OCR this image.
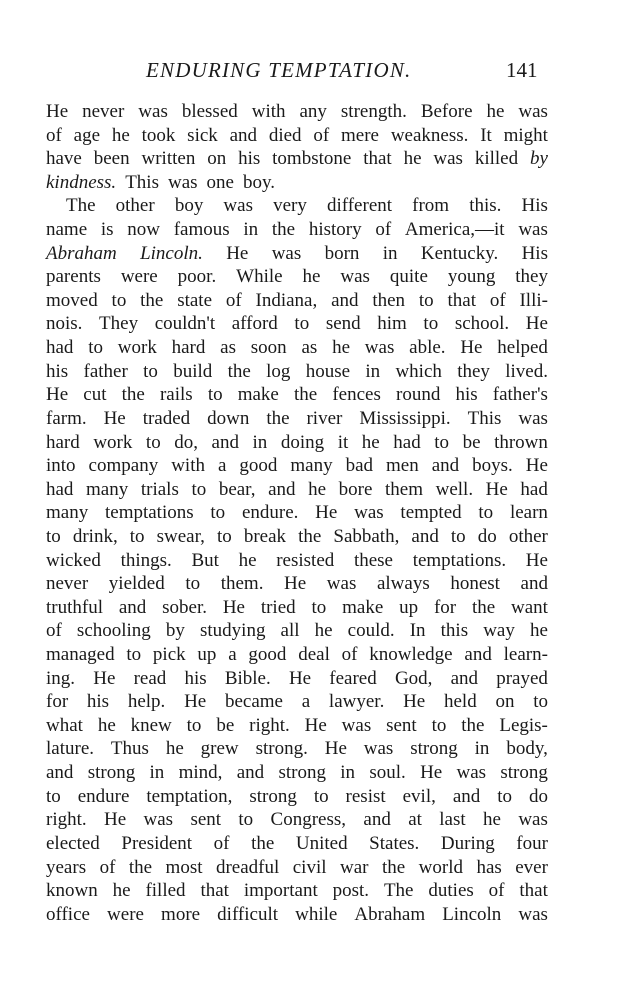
ENDURING TEMPTATION.	141
He never was blessed with any strength. Before he was
of age he took sick and died of mere weakness. It might
have been written on his tombstone that he was killed by
kindness. This was one boy.
The other boy was very different from this. His
name is now famous in the history of America,—it was
Abraham Lincoln. He was born in Kentucky. His
parents were poor. While he was quite young they
moved to the state of Indiana, and then to that of Illi-
nois. They couldn't afford to send him to school. He
had to work hard as soon as he was able. He helped
his father to build the log house in which they lived.
He cut the rails to make the fences round his father's
farm. He traded down the river Mississippi. This was
hard work to do, and in doing it he had to be thrown
into company with a good many bad men and boys. He
had many trials to bear, and he bore them well. He had
many temptations to endure. He was tempted to learn
to drink, to swear, to break the Sabbath, and to do other
wicked things. But he resisted these temptations. He
never yielded to them. He was always honest and
truthful and sober. He tried to make up for the want
of schooling by studying all he could. In this way he
managed to pick up a good deal of knowledge and learn-
ing. He read his Bible. He feared God, and prayed
for his help. He became a lawyer. He held on to
what he knew to be right. He was sent to the Legis-
lature. Thus he grew strong. He was strong in body,
and strong in mind, and strong in soul. He was strong
to endure temptation, strong to resist evil, and to do
right. He was sent to Congress, and at last he was
elected President of the United States. During four
years of the most dreadful civil war the world has ever
known he filled that important post. The duties of that
office were more difficult while Abraham Lincoln was
